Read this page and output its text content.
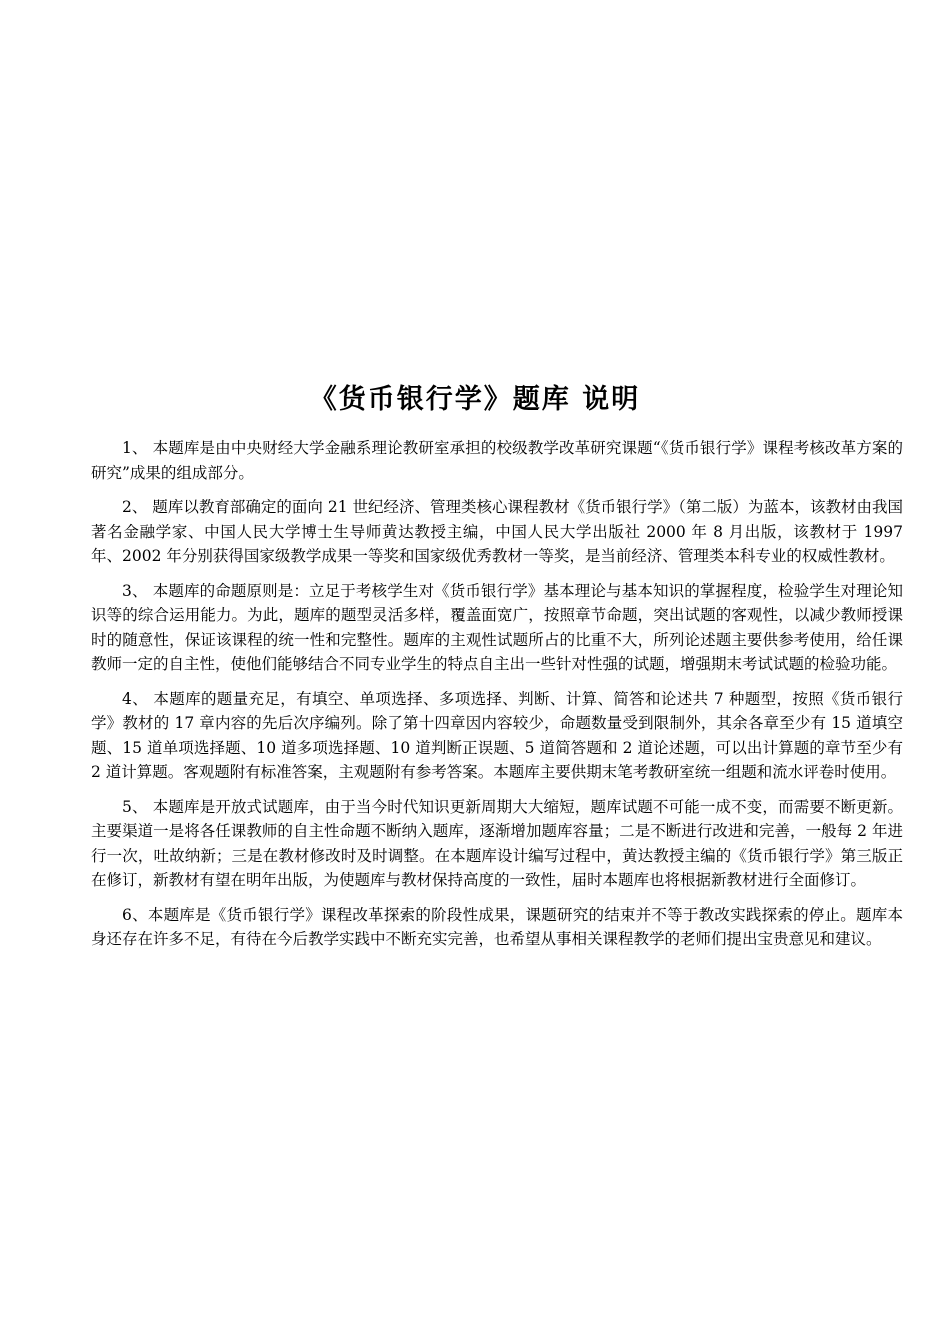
《货币银行学》题库 说明

1、 本题库是由中央财经大学金融系理论教研室承担的校级教学改革研究课题“《货币银行学》课程考核改革方案的研究”成果的组成部分。

2、 题库以教育部确定的面向 21 世纪经济、管理类核心课程教材《货币银行学》（第二版）为蓝本，该教材由我国著名金融学家、中国人民大学博士生导师黄达教授主编，中国人民大学出版社 2000 年 8 月出版，该教材于 1997 年、2002 年分别获得国家级教学成果一等奖和国家级优秀教材一等奖，是当前经济、管理类本科专业的权威性教材。

3、 本题库的命题原则是：立足于考核学生对《货币银行学》基本理论与基本知识的掌握程度，检验学生对理论知识等的综合运用能力。为此，题库的题型灵活多样，覆盖面宽广，按照章节命题，突出试题的客观性，以减少教师授课时的随意性，保证该课程的统一性和完整性。题库的主观性试题所占的比重不大，所列论述题主要供参考使用，给任课教师一定的自主性，使他们能够结合不同专业学生的特点自主出一些针对性强的试题，增强期末考试试题的检验功能。

4、 本题库的题量充足，有填空、单项选择、多项选择、判断、计算、简答和论述共 7 种题型，按照《货币银行学》教材的 17 章内容的先后次序编列。除了第十四章因内容较少，命题数量受到限制外，其余各章至少有 15 道填空题、15 道单项选择题、10 道多项选择题、10 道判断正误题、5 道简答题和 2 道论述题，可以出计算题的章节至少有 2 道计算题。客观题附有标准答案，主观题附有参考答案。本题库主要供期末笔考教研室统一组题和流水评卷时使用。

5、 本题库是开放式试题库，由于当今时代知识更新周期大大缩短，题库试题不可能一成不变，而需要不断更新。主要渠道一是将各任课教师的自主性命题不断纳入题库，逐渐增加题库容量；二是不断进行改进和完善，一般每 2 年进行一次，吐故纳新；三是在教材修改时及时调整。在本题库设计编写过程中，黄达教授主编的《货币银行学》第三版正在修订，新教材有望在明年出版，为使题库与教材保持高度的一致性，届时本题库也将根据新教材进行全面修订。

6、本题库是《货币银行学》课程改革探索的阶段性成果，课题研究的结束并不等于教改实践探索的停止。题库本身还存在许多不足，有待在今后教学实践中不断充实完善，也希望从事相关课程教学的老师们提出宝贵意见和建议。
